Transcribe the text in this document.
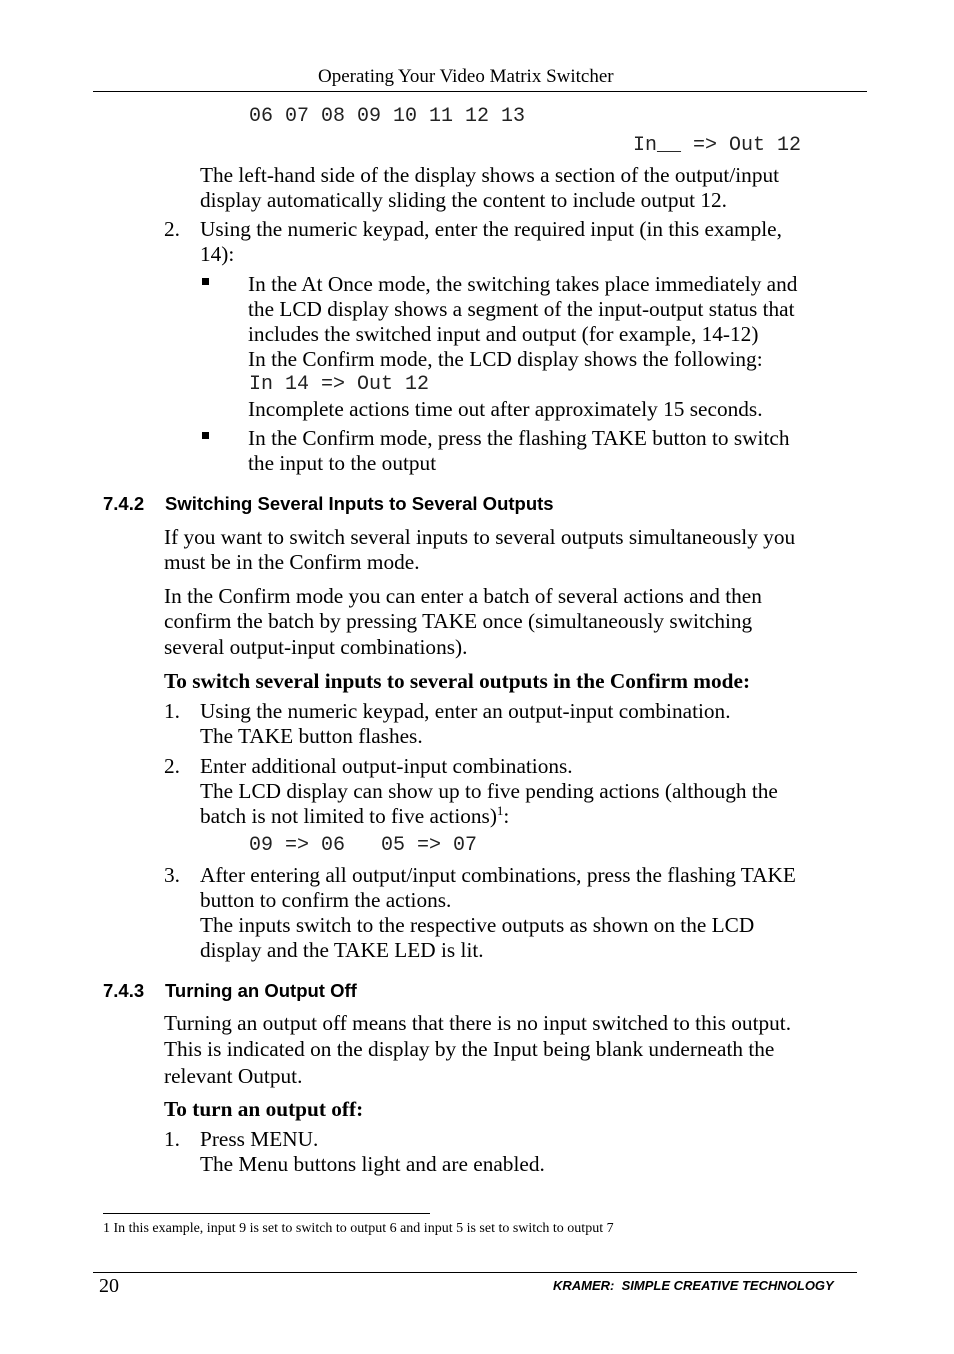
Operating Your Video Matrix Switcher
06 07 08 09 10 11 12 13
In__ => Out 12
The left-hand side of the display shows a section of the output/input
display automatically sliding the content to include output 12.
2. Using the numeric keypad, enter the required input (in this example,
14):
In the At Once mode, the switching takes place immediately and
the LCD display shows a segment of the input-output status that
includes the switched input and output (for example, 14-12)
In the Confirm mode, the LCD display shows the following:
In 14 => Out 12
Incomplete actions time out after approximately 15 seconds.
In the Confirm mode, press the flashing TAKE button to switch
the input to the output
7.4.2 Switching Several Inputs to Several Outputs
If you want to switch several inputs to several outputs simultaneously you
must be in the Confirm mode.
In the Confirm mode you can enter a batch of several actions and then
confirm the batch by pressing TAKE once (simultaneously switching
several output-input combinations).
To switch several inputs to several outputs in the Confirm mode:
1. Using the numeric keypad, enter an output-input combination.
The TAKE button flashes.
2. Enter additional output-input combinations.
The LCD display can show up to five pending actions (although the
batch is not limited to five actions)$^1$:
09 => 06   05 => 07
3. After entering all output/input combinations, press the flashing TAKE
button to confirm the actions.
The inputs switch to the respective outputs as shown on the LCD
display and the TAKE LED is lit.
7.4.3 Turning an Output Off
Turning an output off means that there is no input switched to this output.
This is indicated on the display by the Input being blank underneath the
relevant Output.
To turn an output off:
1. Press MENU.
The Menu buttons light and are enabled.
1 In this example, input 9 is set to switch to output 6 and input 5 is set to switch to output 7
20	KRAMER:  SIMPLE CREATIVE TECHNOLOGY
